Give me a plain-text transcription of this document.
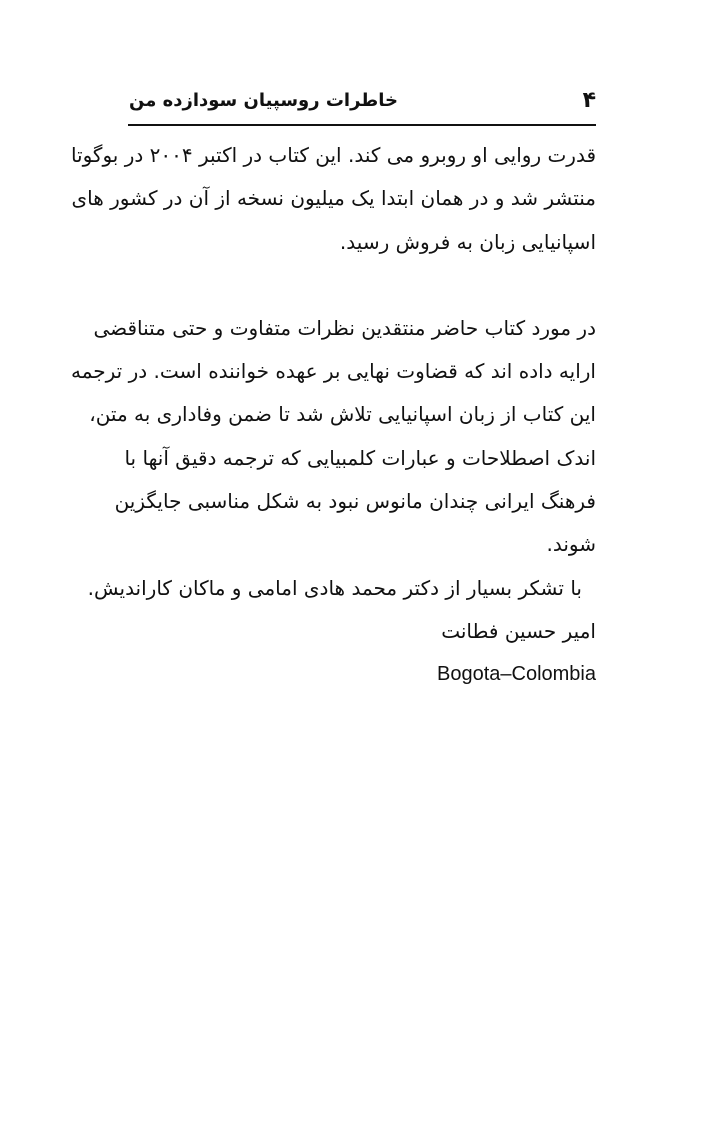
۴
خاطرات روسپیان سودازده من
قدرت روایی او روبرو می کند. این کتاب در اکتبر ۲۰۰۴ در بوگوتا
منتشر شد و در همان ابتدا یک میلیون نسخه از آن در کشور های
اسپانیایی زبان به فروش رسید.
در مورد کتاب حاضر منتقدین نظرات متفاوت و حتی متناقضی
ارایه داده اند که قضاوت نهایی بر عهده خواننده است. در ترجمه
این کتاب از زبان اسپانیایی تلاش شد تا ضمن وفاداری به متن،
اندک اصطلاحات و عبارات کلمبیایی که ترجمه دقیق آنها با
فرهنگ ایرانی چندان مانوس نبود به شکل مناسبی جایگزین
شوند.
با تشکر بسیار از دکتر محمد هادی امامی و ماکان کاراندیش.
امیر حسین فطانت
Bogota–Colombia
